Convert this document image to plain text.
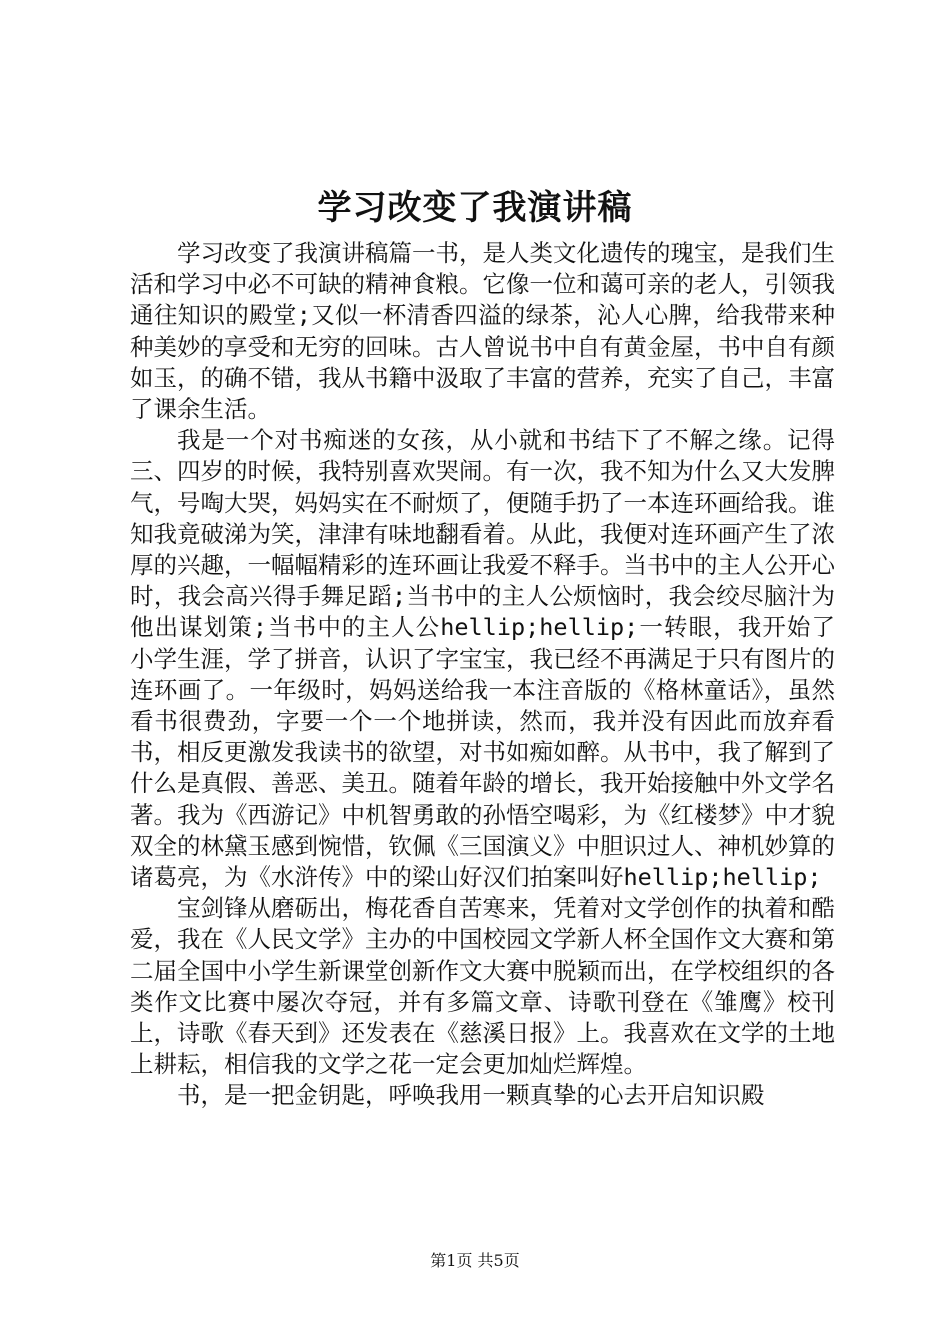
学习改变了我演讲稿

学习改变了我演讲稿篇一书，是人类文化遗传的瑰宝，是我们生活和学习中必不可缺的精神食粮。它像一位和蔼可亲的老人，引领我通往知识的殿堂;又似一杯清香四溢的绿茶，沁人心脾，给我带来种种美妙的享受和无穷的回味。古人曾说书中自有黄金屋，书中自有颜如玉，的确不错，我从书籍中汲取了丰富的营养，充实了自己，丰富了课余生活。

我是一个对书痴迷的女孩，从小就和书结下了不解之缘。记得三、四岁的时候，我特别喜欢哭闹。有一次，我不知为什么又大发脾气，号啕大哭，妈妈实在不耐烦了，便随手扔了一本连环画给我。谁知我竟破涕为笑，津津有味地翻看着。从此，我便对连环画产生了浓厚的兴趣，一幅幅精彩的连环画让我爱不释手。当书中的主人公开心时，我会高兴得手舞足蹈;当书中的主人公烦恼时，我会绞尽脑汁为他出谋划策;当书中的主人公hellip;hellip;一转眼，我开始了小学生涯，学了拼音，认识了字宝宝，我已经不再满足于只有图片的连环画了。一年级时，妈妈送给我一本注音版的《格林童话》，虽然看书很费劲，字要一个一个地拼读，然而，我并没有因此而放弃看书，相反更激发我读书的欲望，对书如痴如醉。从书中，我了解到了什么是真假、善恶、美丑。随着年龄的增长，我开始接触中外文学名著。我为《西游记》中机智勇敢的孙悟空喝彩，为《红楼梦》中才貌双全的林黛玉感到惋惜，钦佩《三国演义》中胆识过人、神机妙算的诸葛亮，为《水浒传》中的梁山好汉们拍案叫好hellip;hellip;

宝剑锋从磨砺出，梅花香自苦寒来，凭着对文学创作的执着和酷爱，我在《人民文学》主办的中国校园文学新人杯全国作文大赛和第二届全国中小学生新课堂创新作文大赛中脱颖而出，在学校组织的各类作文比赛中屡次夺冠，并有多篇文章、诗歌刊登在《雏鹰》校刊上，诗歌《春天到》还发表在《慈溪日报》上。我喜欢在文学的土地上耕耘，相信我的文学之花一定会更加灿烂辉煌。

书，是一把金钥匙，呼唤我用一颗真挚的心去开启知识殿

第1页 共5页
